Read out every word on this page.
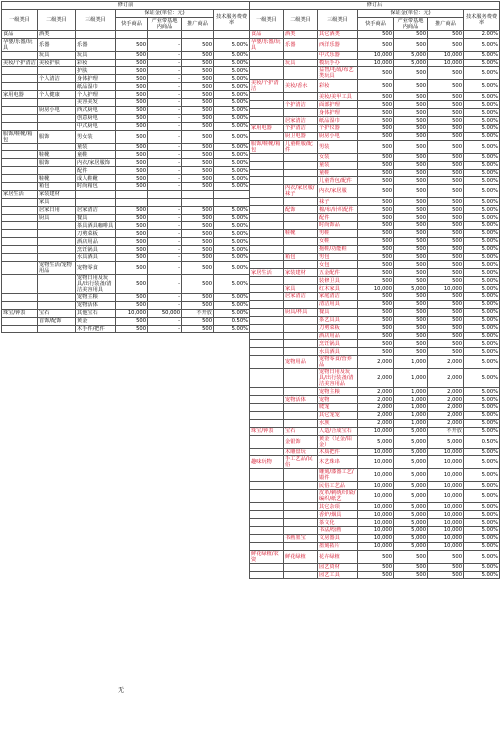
修订前						
一级类目	二级类目	三级类目	保证金(单位：元)			技术服务费费率
			快手商品	产业带基地内商品	推广商品	
食品	酒类					
孕婴/乐器/玩具	乐器	乐器	500	-	500	5.00%
	玩具	玩具	500	-	500	5.00%
美妆/个护清洁	美妆护肤	彩妆	500	-	500	5.00%
		护肤	500	-	500	5.00%
	个人清洁	身体护理	500	-	500	5.00%
		纸品湿巾	500	-	500	5.00%
家用电器	个人健康	个人护理	500	-	500	5.00%
		美容美发	500	-	500	5.00%
	厨房小电	西式厨电	500	-	500	5.00%
		创意厨电	500	-	500	5.00%
		中式厨电	500	-	500	5.00%
服饰/鞋靴/箱包	服饰	男女装	500	-	500	5.00%
		童装	500	-	500	5.00%
	鞋靴	童鞋	500	-	500	5.00%
	服饰	内衣/家居服饰	500	-	500	5.00%
		配件	500	-	500	5.00%
	鞋靴	成人鞋靴	500	-	500	5.00%
	箱包	时尚箱包	500	-	500	5.00%
家居生活	家装建材					
	家具					
	居家日用	居家清洁	500	-	500	5.00%
	厨具	餐具	500	-	500	5.00%
		茶具酒具咖啡具	500	-	500	5.00%
		刀剪菜板	500	-	500	5.00%
		酒店用品	500	-	500	5.00%
		烹饪锅具	500	-	500	5.00%
		水具酒具	500	-	500	5.00%
	宠物生活/宠物用品	宠物零食	500	-	500	5.00%
		宠物日用及玩具/出行装备/清洁美容用具	500	-	500	5.00%
		宠物主粮	500	-	500	5.00%
		宠物活体	500	-	500	5.00%
珠宝/钟表	宝石	其他宝石	10,000	50,000	不开放	5.00%
	首饰/配饰	黄金	500	-	500	0.50%
		木手件/把件	500	-	500	5.00%
修订后						
一级类目	二级类目	三级类目	保证金(单位：元)			技术服务费费率
			快手商品	产业带基地内商品	推广商品	
食品	酒类	其它酒类	500	500	500	2.00%
孕婴/乐器/玩具	乐器	西洋乐器	500	500	500	5.00%
		中式乐器	10,000	5,000	10,000	5.00%
	玩具	模玩手办	10,000	5,000	10,000	5.00%
		益智/毛绒/布艺类玩具	500	500	500	5.00%
美妆/个护清洁	美妆/香水	彩妆	500	500	500	5.00%
		美妆/美甲工具	500	500	500	5.00%
	个护清洁	面部护理	500	500	500	5.00%
		身体护理	500	500	500	5.00%
	居家清洁	纸品湿巾	500	500	500	5.00%
家用电器	个护清洁	个护仪器	500	500	500	5.00%
	厨卫电器	厨房小电	500	500	500	5.00%
服饰/鞋靴/箱包	儿童鞋服/配件	男装	500	500	500	5.00%
		女装	500	500	500	5.00%
		童装	500	500	500	5.00%
		童鞋	500	500	500	5.00%
		儿童背包/配件	500	500	500	5.00%
	内衣/家居服/袜子	内衣/家居服	500	500	500	5.00%
		袜子	500	500	500	5.00%
	配饰	棉/布/针织配件	500	500	500	5.00%
		配件	500	500	500	5.00%
		时尚饰品	500	500	500	5.00%
	鞋靴	男鞋	500	500	500	5.00%
		女鞋	500	500	500	5.00%
		拖鞋/功能鞋	500	500	500	5.00%
	箱包	男包	500	500	500	5.00%
		女包	500	500	500	5.00%
家居生活	家装建材	五金配件	500	500	500	5.00%
		装修卫具	500	500	500	5.00%
	家具	红木家具	10,000	5,000	10,000	5.00%
	居家清洁	家庭清洁	500	500	500	5.00%
		清洁用具	500	500	500	5.00%
	厨具/杯具	餐具	500	500	500	5.00%
		茶艺具具	500	500	500	5.00%
		刀剪菜板	500	500	500	5.00%
		酒店用品	500	500	500	5.00%
		烹饪锅具	500	500	500	5.00%
		水具酒具	500	500	500	5.00%
	宠物用品	宠物零食/营养品	2,000	1,000	2,000	5.00%
		宠物日用及玩具/出行装备/清洁美容用品	2,000	1,000	2,000	5.00%
		宠物主粮	2,000	1,000	2,000	5.00%
	宠物活体	宠物	2,000	1,000	2,000	5.00%
		爬宠	2,000	1,000	2,000	5.00%
		其它宠宠	2,000	1,000	2,000	5.00%
		水族	2,000	1,000	2,000	5.00%
珠宝/钟表	宝石	人造/合成宝石	10,000	5,000	不开放	5.00%
	金银饰	黄金（足金/铂金）	5,000	5,000	5,000	0.50%
	木雕盘玩	木质把件	10,000	5,000	10,000	5.00%
趣味玩物	手工艺品/民俗	木艺珠串	10,000	5,000	10,000	5.00%
		雕刻/漆器工艺/锻件	10,000	5,000	10,000	5.00%
		民俗工艺品	10,000	5,000	10,000	5.00%
		皮革/刺绣/印染/编织/纸艺	10,000	5,000	10,000	5.00%
		其它杂项	10,000	5,000	10,000	5.00%
		香炉/烟具	10,000	5,000	10,000	5.00%
		茶文化	10,000	5,000	10,000	5.00%
		书法/绘画	10,000	5,000	10,000	5.00%
	书画墨宝	文房器具	10,000	5,000	10,000	5.00%
		墨刻拓片	10,000	5,000	10,000	5.00%
鲜花绿植/农资	鲜花绿植	花卉绿植	500	500	500	5.00%
		园艺资材	500	500	500	5.00%
		园艺工具	500	500	500	5.00%
无
